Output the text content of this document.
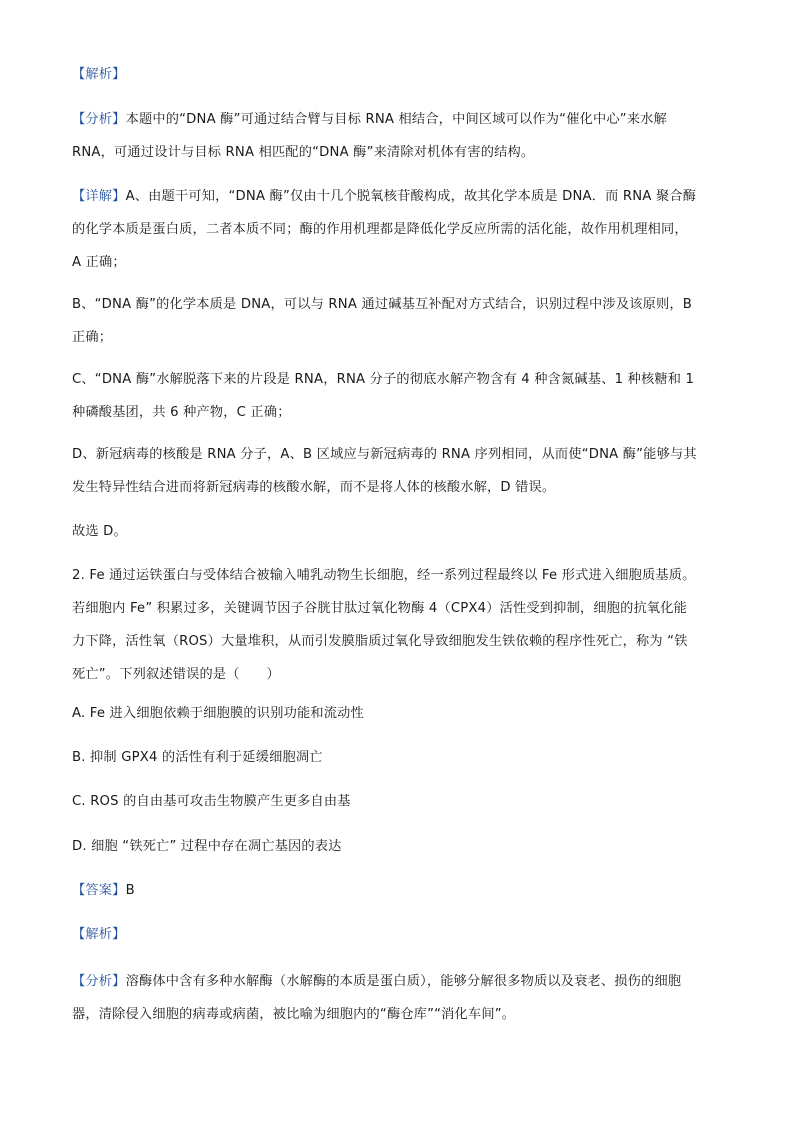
【解析】

【分析】本题中的“DNA 酶”可通过结合臂与目标 RNA 相结合，中间区域可以作为“催化中心”来水解
RNA，可通过设计与目标 RNA 相匹配的“DNA 酶”来清除对机体有害的结构。
【详解】A、由题干可知，“DNA 酶”仅由十几个脱氧核苷酸构成，故其化学本质是 DNA．而 RNA 聚合酶
的化学本质是蛋白质，二者本质不同；酶的作用机理都是降低化学反应所需的活化能，故作用机理相同，
A 正确；
B、“DNA 酶”的化学本质是 DNA，可以与 RNA 通过碱基互补配对方式结合，识别过程中涉及该原则，B
正确；
C、“DNA 酶”水解脱落下来的片段是 RNA，RNA 分子的彻底水解产物含有 4 种含氮碱基、1 种核糖和 1
种磷酸基团，共 6 种产物，C 正确；
D、新冠病毒的核酸是 RNA 分子，A、B 区域应与新冠病毒的 RNA 序列相同，从而使“DNA 酶”能够与其
发生特异性结合进而将新冠病毒的核酸水解，而不是将人体的核酸水解，D 错误。

故选 D。

2. Fe 通过运铁蛋白与受体结合被输入哺乳动物生长细胞，经一系列过程最终以 Fe 形式进入细胞质基质。
若细胞内 Fe” 积累过多，关键调节因子谷胱甘肽过氧化物酶 4（CPX4）活性受到抑制，细胞的抗氧化能
力下降，活性氧（ROS）大量堆积，从而引发膜脂质过氧化导致细胞发生铁依赖的程序性死亡，称为 “铁
死亡”。下列叙述错误的是（　　）

A. Fe 进入细胞依赖于细胞膜的识别功能和流动性

B. 抑制 GPX4 的活性有利于延缓细胞凋亡

C. ROS 的自由基可攻击生物膜产生更多自由基

D. 细胞 “铁死亡” 过程中存在凋亡基因的表达

【答案】B

【解析】

【分析】溶酶体中含有多种水解酶（水解酶的本质是蛋白质），能够分解很多物质以及衰老、损伤的细胞
器，清除侵入细胞的病毒或病菌，被比喻为细胞内的“酶仓库”“消化车间”。
